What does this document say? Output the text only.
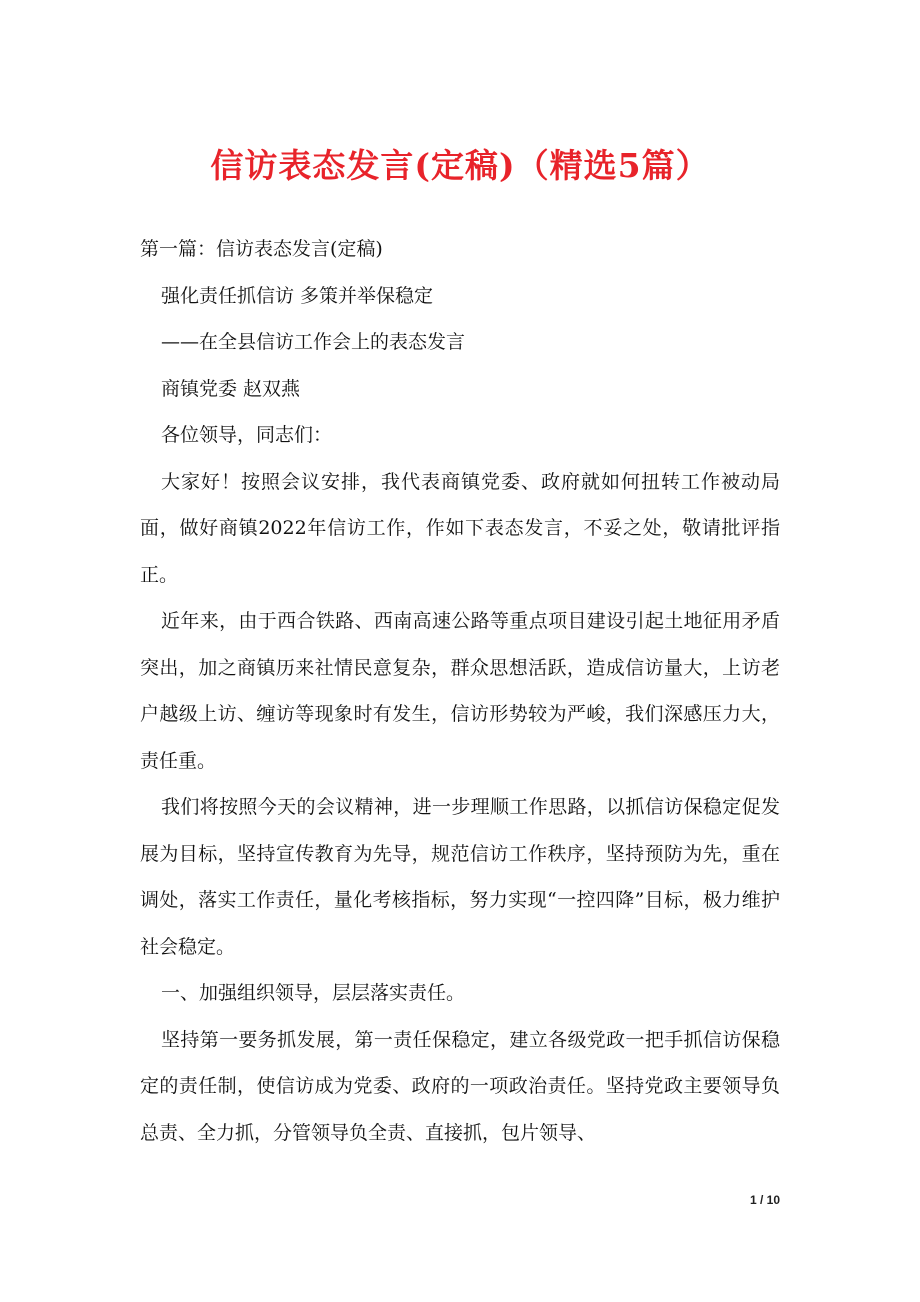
信访表态发言(定稿)（精选5篇）

第一篇：信访表态发言(定稿)

强化责任抓信访 多策并举保稳定

——在全县信访工作会上的表态发言

商镇党委 赵双燕

各位领导，同志们：

大家好！按照会议安排，我代表商镇党委、政府就如何扭转工作被动局面，做好商镇2022年信访工作，作如下表态发言，不妥之处，敬请批评指正。

近年来，由于西合铁路、西南高速公路等重点项目建设引起土地征用矛盾突出，加之商镇历来社情民意复杂，群众思想活跃，造成信访量大，上访老户越级上访、缠访等现象时有发生，信访形势较为严峻，我们深感压力大，责任重。

我们将按照今天的会议精神，进一步理顺工作思路，以抓信访保稳定促发展为目标，坚持宣传教育为先导，规范信访工作秩序，坚持预防为先，重在调处，落实工作责任，量化考核指标，努力实现“一控四降”目标，极力维护社会稳定。

一、加强组织领导，层层落实责任。

坚持第一要务抓发展，第一责任保稳定，建立各级党政一把手抓信访保稳定的责任制，使信访成为党委、政府的一项政治责任。坚持党政主要领导负总责、全力抓，分管领导负全责、直接抓，包片领导、

1 / 10
